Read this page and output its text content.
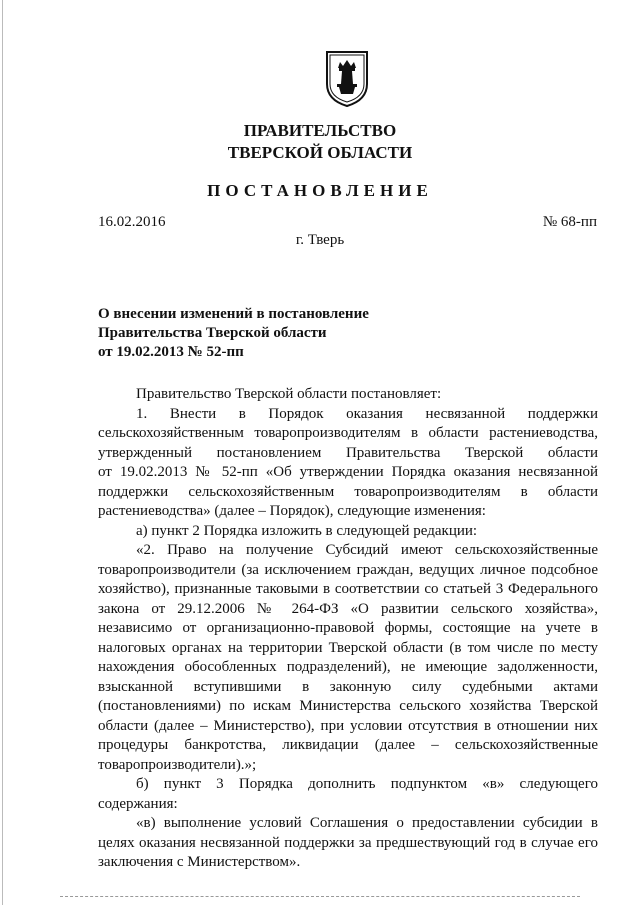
ПРАВИТЕЛЬСТВО
ТВЕРСКОЙ ОБЛАСТИ
ПОСТАНОВЛЕНИЕ
16.02.2016	№ 68-пп
г. Тверь
О внесении изменений в постановление
Правительства Тверской области
от 19.02.2013 № 52-пп
Правительство Тверской области постановляет:
1. Внести в Порядок оказания несвязанной поддержки
сельскохозяйственным товаропроизводителям в области растениеводства,
утвержденный постановлением Правительства Тверской области
от 19.02.2013 № 52-пп «Об утверждении Порядка оказания несвязанной
поддержки сельскохозяйственным товаропроизводителям в области
растениеводства» (далее – Порядок), следующие изменения:
а) пункт 2 Порядка изложить в следующей редакции:
«2. Право на получение Субсидий имеют сельскохозяйственные
товаропроизводители (за исключением граждан, ведущих личное подсобное
хозяйство), признанные таковыми в соответствии со статьей 3 Федерального
закона от 29.12.2006 № 264-ФЗ «О развитии сельского хозяйства»,
независимо от организационно-правовой формы, состоящие на учете в
налоговых органах на территории Тверской области (в том числе по месту
нахождения обособленных подразделений), не имеющие задолженности,
взысканной вступившими в законную силу судебными актами
(постановлениями) по искам Министерства сельского хозяйства Тверской
области (далее – Министерство), при условии отсутствия в отношении них
процедуры банкротства, ликвидации (далее – сельскохозяйственные
товаропроизводители).»;
б) пункт 3 Порядка дополнить подпунктом «в» следующего
содержания:
«в) выполнение условий Соглашения о предоставлении субсидии в
целях оказания несвязанной поддержки за предшествующий год в случае его
заключения с Министерством».
